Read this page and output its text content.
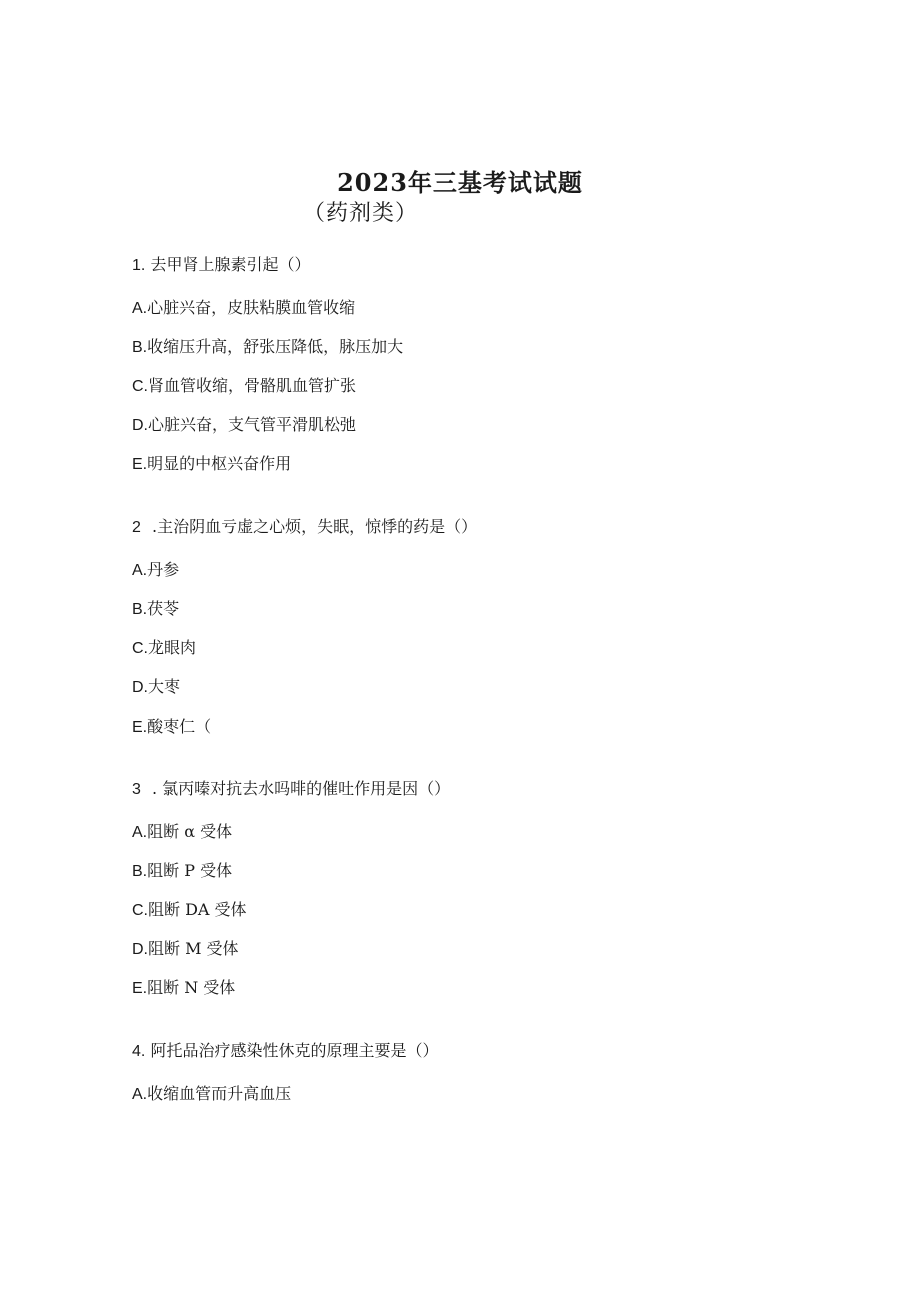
2023年三基考试试题
（药剂类）
1. 去甲肾上腺素引起（）
A.心脏兴奋，皮肤粘膜血管收缩
B.收缩压升高，舒张压降低，脉压加大
C.肾血管收缩，骨骼肌血管扩张
D.心脏兴奋，支气管平滑肌松弛
E.明显的中枢兴奋作用
2 .主治阴血亏虚之心烦，失眠，惊悸的药是（）
A.丹参
B.茯苓
C.龙眼肉
D.大枣
E.酸枣仁（
3 . 氯丙嗪对抗去水吗啡的催吐作用是因（）
A.阻断 α 受体
B.阻断 P 受体
C.阻断 DA 受体
D.阻断 M 受体
E.阻断 N 受体
4. 阿托品治疗感染性休克的原理主要是（）
A.收缩血管而升高血压
